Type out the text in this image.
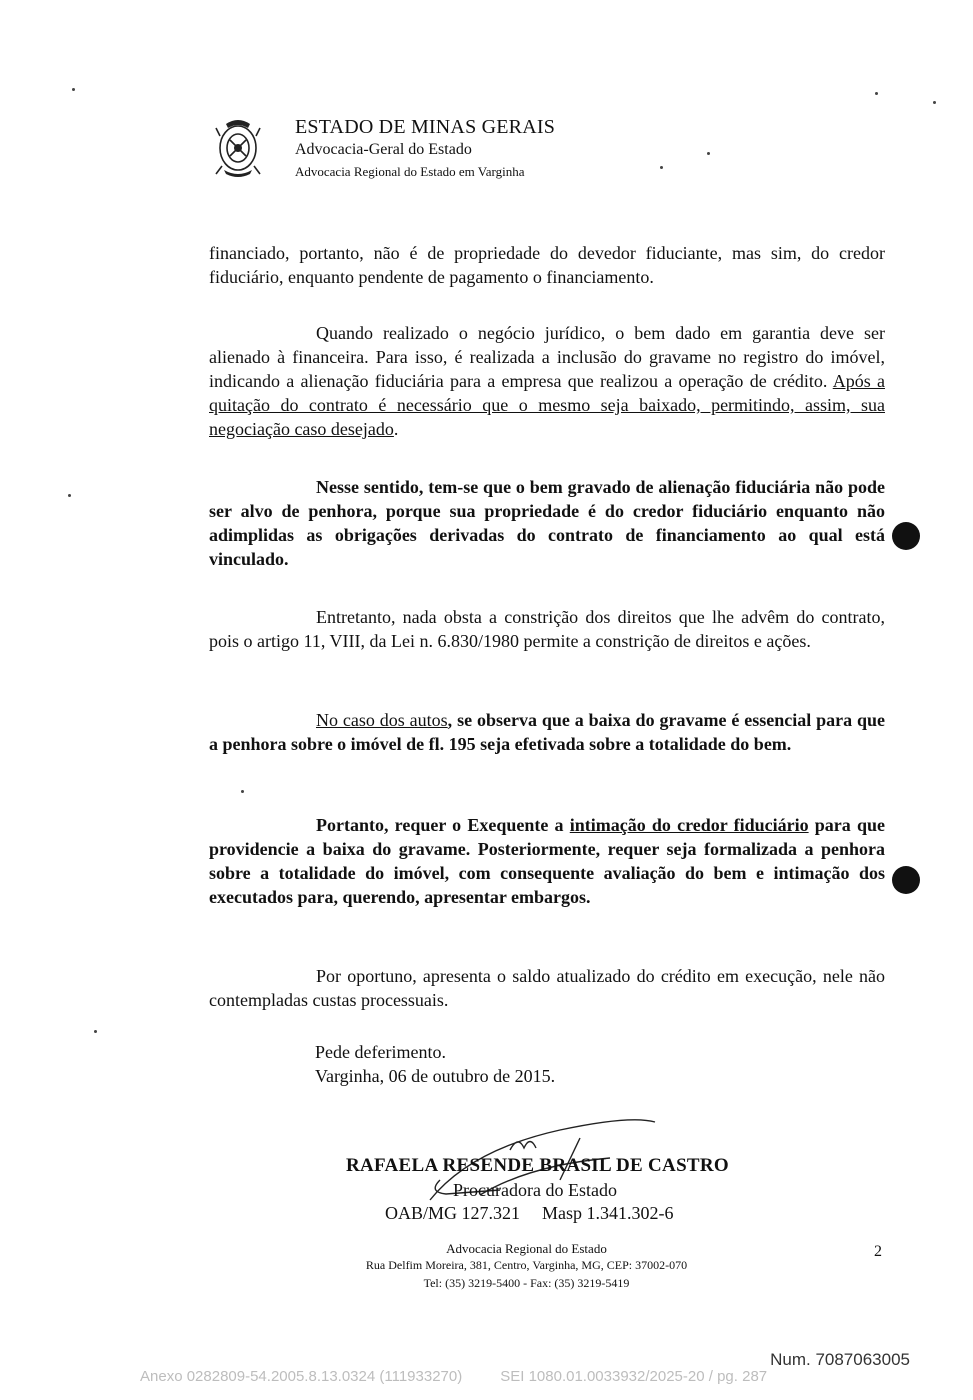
ESTADO DE MINAS GERAIS
Advocacia-Geral do Estado
Advocacia Regional do Estado em Varginha
financiado, portanto, não é de propriedade do devedor fiduciante, mas sim, do credor fiduciário, enquanto pendente de pagamento o financiamento.
Quando realizado o negócio jurídico, o bem dado em garantia deve ser alienado à financeira. Para isso, é realizada a inclusão do gravame no registro do imóvel, indicando a alienação fiduciária para a empresa que realizou a operação de crédito. Após a quitação do contrato é necessário que o mesmo seja baixado, permitindo, assim, sua negociação caso desejado.
Nesse sentido, tem-se que o bem gravado de alienação fiduciária não pode ser alvo de penhora, porque sua propriedade é do credor fiduciário enquanto não adimplidas as obrigações derivadas do contrato de financiamento ao qual está vinculado.
Entretanto, nada obsta a constrição dos direitos que lhe advêm do contrato, pois o artigo 11, VIII, da Lei n. 6.830/1980 permite a constrição de direitos e ações.
No caso dos autos, se observa que a baixa do gravame é essencial para que a penhora sobre o imóvel de fl. 195 seja efetivada sobre a totalidade do bem.
Portanto, requer o Exequente a intimação do credor fiduciário para que providencie a baixa do gravame. Posteriormente, requer seja formalizada a penhora sobre a totalidade do imóvel, com consequente avaliação do bem e intimação dos executados para, querendo, apresentar embargos.
Por oportuno, apresenta o saldo atualizado do crédito em execução, nele não contempladas custas processuais.
Pede deferimento.
Varginha, 06 de outubro de 2015.
RAFAELA RESENDE BRASIL DE CASTRO
Procuradora do Estado
OAB/MG 127.321 Masp 1.341.302-6
Advocacia Regional do Estado
Rua Delfim Moreira, 381, Centro, Varginha, MG, CEP: 37002-070
Tel: (35) 3219-5400 - Fax: (35) 3219-5419
2
Num. 7087063005
Anexo 0282809-54.2005.8.13.0324 (111933270)	SEI 1080.01.0033932/2025-20 / pg. 287
